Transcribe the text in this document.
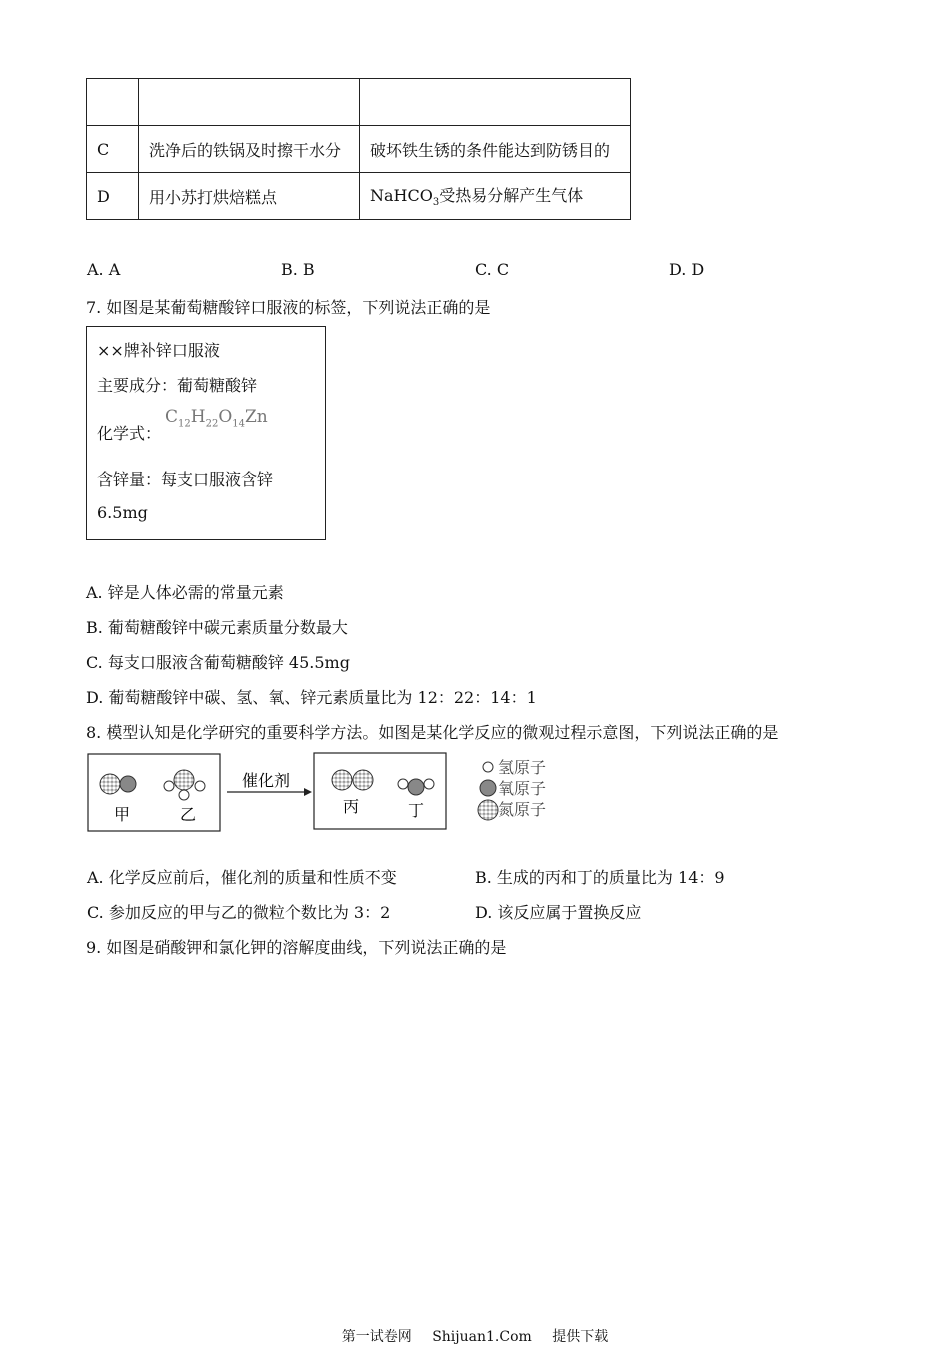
C	洗净后的铁锅及时擦干水分	破坏铁生锈的条件能达到防锈目的
D	用小苏打烘焙糕点	NaHCO$_3$受热易分解产生气体
A. A	B. B	C. C	D. D
7. 如图是某葡萄糖酸锌口服液的标签，下列说法正确的是
××牌补锌口服液
主要成分：葡萄糖酸锌
化学式：
$C_{12}H_{22}O_{14}Zn$
含锌量：每支口服液含锌
6.5mg
A. 锌是人体必需的常量元素
B. 葡萄糖酸锌中碳元素质量分数最大
C. 每支口服液含葡萄糖酸锌 45.5mg
D. 葡萄糖酸锌中碳、氢、氧、锌元素质量比为 12：22：14：1
8. 模型认知是化学研究的重要科学方法。如图是某化学反应的微观过程示意图，下列说法正确的是
甲	乙
催化剂
丙	丁
氢原子
氧原子
氮原子
A. 化学反应前后，催化剂的质量和性质不变	B. 生成的丙和丁的质量比为 14：9
C. 参加反应的甲与乙的微粒个数比为 3：2	D. 该反应属于置换反应
9. 如图是硝酸钾和氯化钾的溶解度曲线，下列说法正确的是
第一试卷网 Shijuan1.Com 提供下载
